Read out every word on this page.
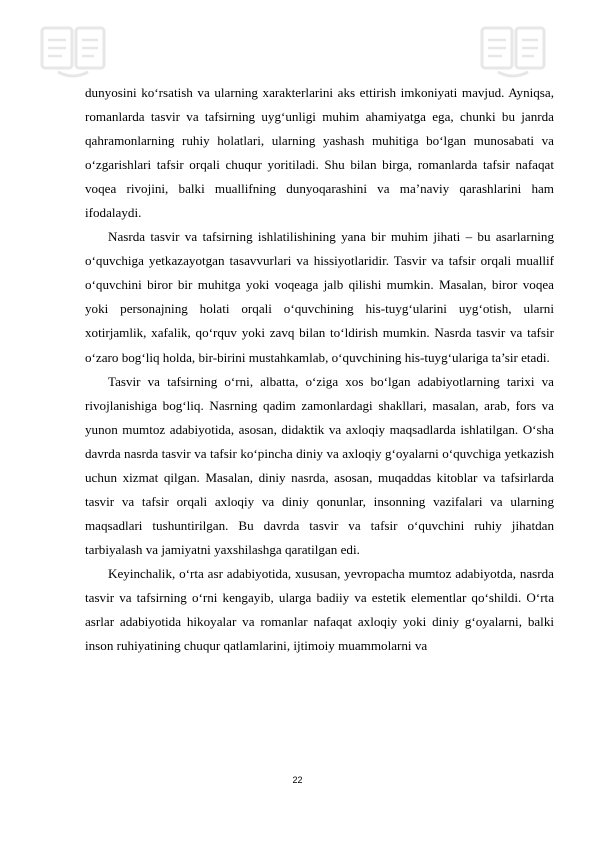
dunyosini ko‘rsatish va ularning xarakterlarini aks ettirish imkoniyati mavjud. Ayniqsa, romanlarda tasvir va tafsirning uyg‘unligi muhim ahamiyatga ega, chunki bu janrda qahramonlarning ruhiy holatlari, ularning yashash muhitiga bo‘lgan munosabati va o‘zgarishlari tafsir orqali chuqur yoritiladi. Shu bilan birga, romanlarda tafsir nafaqat voqea rivojini, balki muallifning dunyoqarashini va ma’naviy qarashlarini ham ifodalaydi.

Nasrda tasvir va tafsirning ishlatilishining yana bir muhim jihati – bu asarlarning o‘quvchiga yetkazayotgan tasavvurlari va hissiyotlaridir. Tasvir va tafsir orqali muallif o‘quvchini biror bir muhitga yoki voqeaga jalb qilishi mumkin. Masalan, biror voqea yoki personajning holati orqali o‘quvchining his-tuyg‘ularini uyg‘otish, ularni xotirjamlik, xafalik, qo‘rquv yoki zavq bilan to‘ldirish mumkin. Nasrda tasvir va tafsir o‘zaro bog‘liq holda, bir-birini mustahkamlab, o‘quvchining his-tuyg‘ulariga ta’sir etadi.

Tasvir va tafsirning o‘rni, albatta, o‘ziga xos bo‘lgan adabiyotlarning tarixi va rivojlanishiga bog‘liq. Nasrning qadim zamonlardagi shakllari, masalan, arab, fors va yunon mumtoz adabiyotida, asosan, didaktik va axloqiy maqsadlarda ishlatilgan. O‘sha davrda nasrda tasvir va tafsir ko‘pincha diniy va axloqiy g‘oyalarni o‘quvchiga yetkazish uchun xizmat qilgan. Masalan, diniy nasrda, asosan, muqaddas kitoblar va tafsirlarda tasvir va tafsir orqali axloqiy va diniy qonunlar, insonning vazifalari va ularning maqsadlari tushuntirilgan. Bu davrda tasvir va tafsir o‘quvchini ruhiy jihatdan tarbiyalash va jamiyatni yaxshilashga qaratilgan edi.

Keyinchalik, o‘rta asr adabiyotida, xususan, yevropacha mumtoz adabiyotda, nasrda tasvir va tafsirning o‘rni kengayib, ularga badiiy va estetik elementlar qo‘shildi. O‘rta asrlar adabiyotida hikoyalar va romanlar nafaqat axloqiy yoki diniy g‘oyalarni, balki inson ruhiyatining chuqur qatlamlarini, ijtimoiy muammolarni va

22
